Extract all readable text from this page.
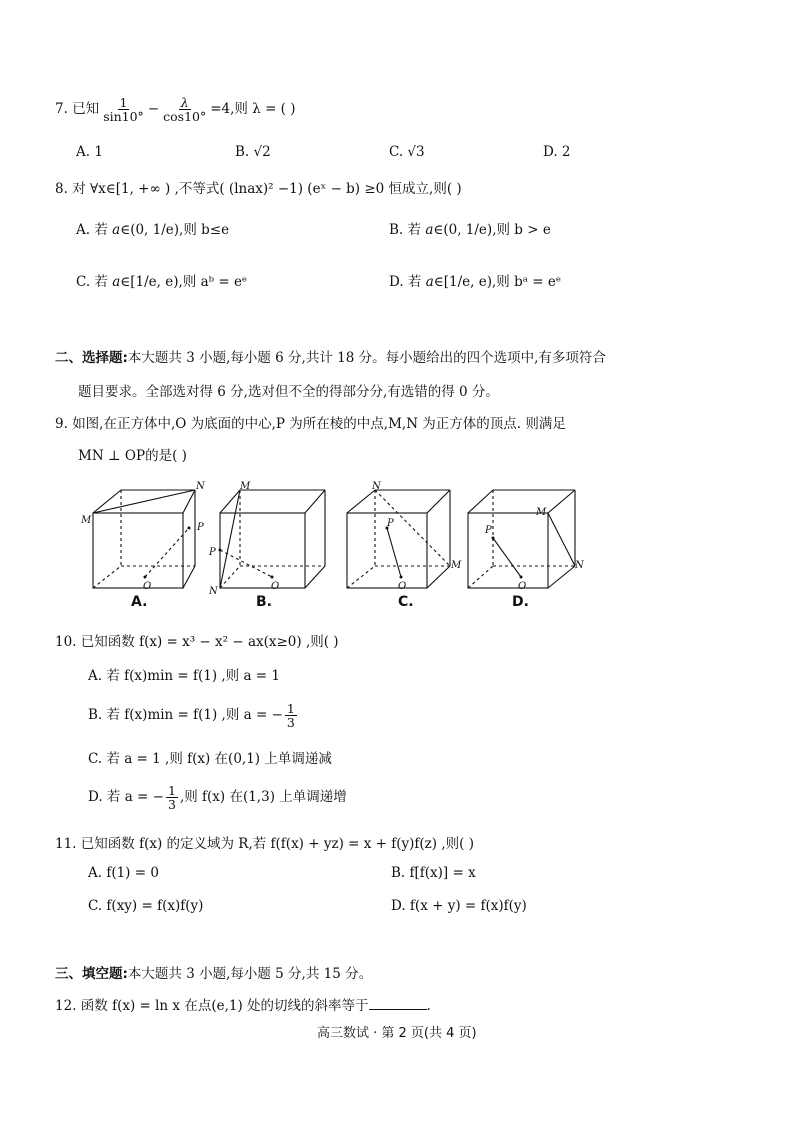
7. 已知 $\frac{1}{\sin 10^\circ} - \frac{\lambda}{\cos 10^\circ} =4$,则 λ = ( )
A. 1	B. √2	C. √3	D. 2
8. 对 ∀x∈[1, +∞ ) ,不等式( (lnax)² −1) (eˣ − b) ≥0 恒成立,则( )
A. 若 a∈(0, 1/e),则 b≤e	B. 若 a∈(0, 1/e),则 b > e
C. 若 a∈[1/e, e),则 aᵇ = eᵉ	D. 若 a∈[1/e, e),则 bᵃ = eᵉ
二、选择题:本大题共 3 小题,每小题 6 分,共计 18 分。每小题给出的四个选项中,有多项符合
题目要求。全部选对得 6 分,选对但不全的得部分分,有选错的得 0 分。
9. 如图,在正方体中,O 为底面的中心,P 为所在棱的中点,M,N 为正方体的顶点. 则满足
MN ⊥ OP的是( )
M
N
P
O
M
P
N	O
N
P
M
O
M
P
N
O
A.	B.	C.	D.
10. 已知函数 f(x) = x³ − x² − ax(x≥0) ,则( )
A. 若 f(x)min = f(1) ,则 a = 1
B. 若 f(x)min = f(1) ,则 a = − $\frac{1}{3}$
C. 若 a = 1 ,则 f(x) 在(0,1) 上单调递减
D. 若 a = − $\frac{1}{3}$ ,则 f(x) 在(1,3) 上单调递增
11. 已知函数 f(x) 的定义域为 R,若 f(f(x) + yz) = x + f(y)f(z) ,则( )
A. f(1) = 0	B. f[f(x)] = x
C. f(xy) = f(x)f(y)	D. f(x + y) = f(x)f(y)
三、填空题:本大题共 3 小题,每小题 5 分,共 15 分。
12. 函数 f(x) = ln x 在点(e,1) 处的切线的斜率等于	.
高三数试 · 第 2 页(共 4 页)
